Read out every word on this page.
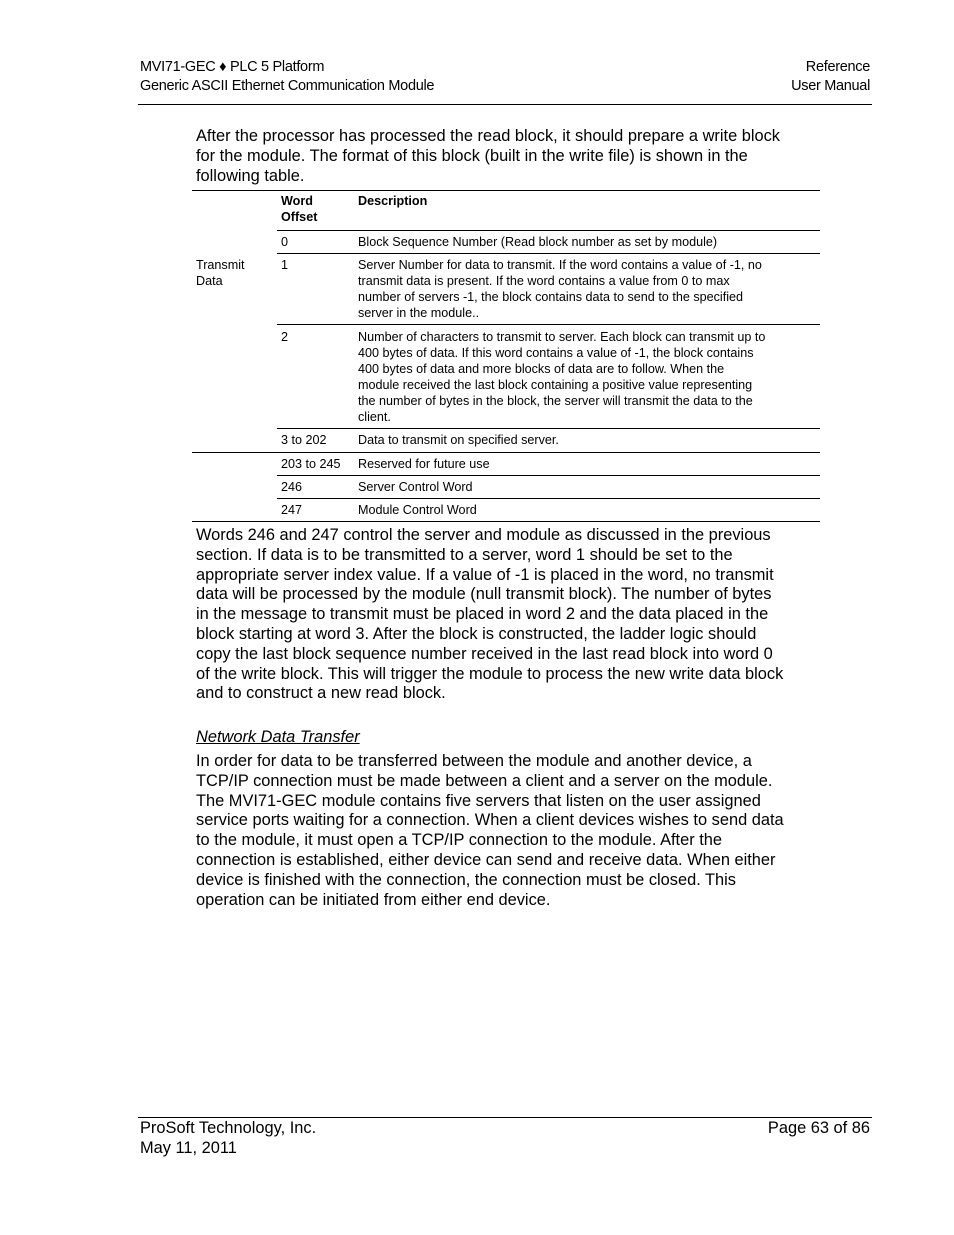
MVI71-GEC ♦ PLC 5 Platform
Generic ASCII Ethernet Communication Module
Reference
User Manual
After the processor has processed the read block, it should prepare a write block
for the module. The format of this block (built in the write file) is shown in the
following table.
Word
Offset
Description
Transmit
Data
0	Block Sequence Number (Read block number as set by module)
1	Server Number for data to transmit. If the word contains a value of -1, no
transmit data is present. If the word contains a value from 0 to max
number of servers -1, the block contains data to send to the specified
server in the module..
2	Number of characters to transmit to server. Each block can transmit up to
400 bytes of data. If this word contains a value of -1, the block contains
400 bytes of data and more blocks of data are to follow. When the
module received the last block containing a positive value representing
the number of bytes in the block, the server will transmit the data to the
client.
3 to 202 Data to transmit on specified server.
203 to 245 Reserved for future use
246	Server Control Word
247	Module Control Word
Words 246 and 247 control the server and module as discussed in the previous
section. If data is to be transmitted to a server, word 1 should be set to the
appropriate server index value. If a value of -1 is placed in the word, no transmit
data will be processed by the module (null transmit block). The number of bytes
in the message to transmit must be placed in word 2 and the data placed in the
block starting at word 3. After the block is constructed, the ladder logic should
copy the last block sequence number received in the last read block into word 0
of the write block. This will trigger the module to process the new write data block
and to construct a new read block.
Network Data Transfer
In order for data to be transferred between the module and another device, a
TCP/IP connection must be made between a client and a server on the module.
The MVI71-GEC module contains five servers that listen on the user assigned
service ports waiting for a connection. When a client devices wishes to send data
to the module, it must open a TCP/IP connection to the module. After the
connection is established, either device can send and receive data. When either
device is finished with the connection, the connection must be closed. This
operation can be initiated from either end device.
ProSoft Technology, Inc.
May 11, 2011
Page 63 of 86
